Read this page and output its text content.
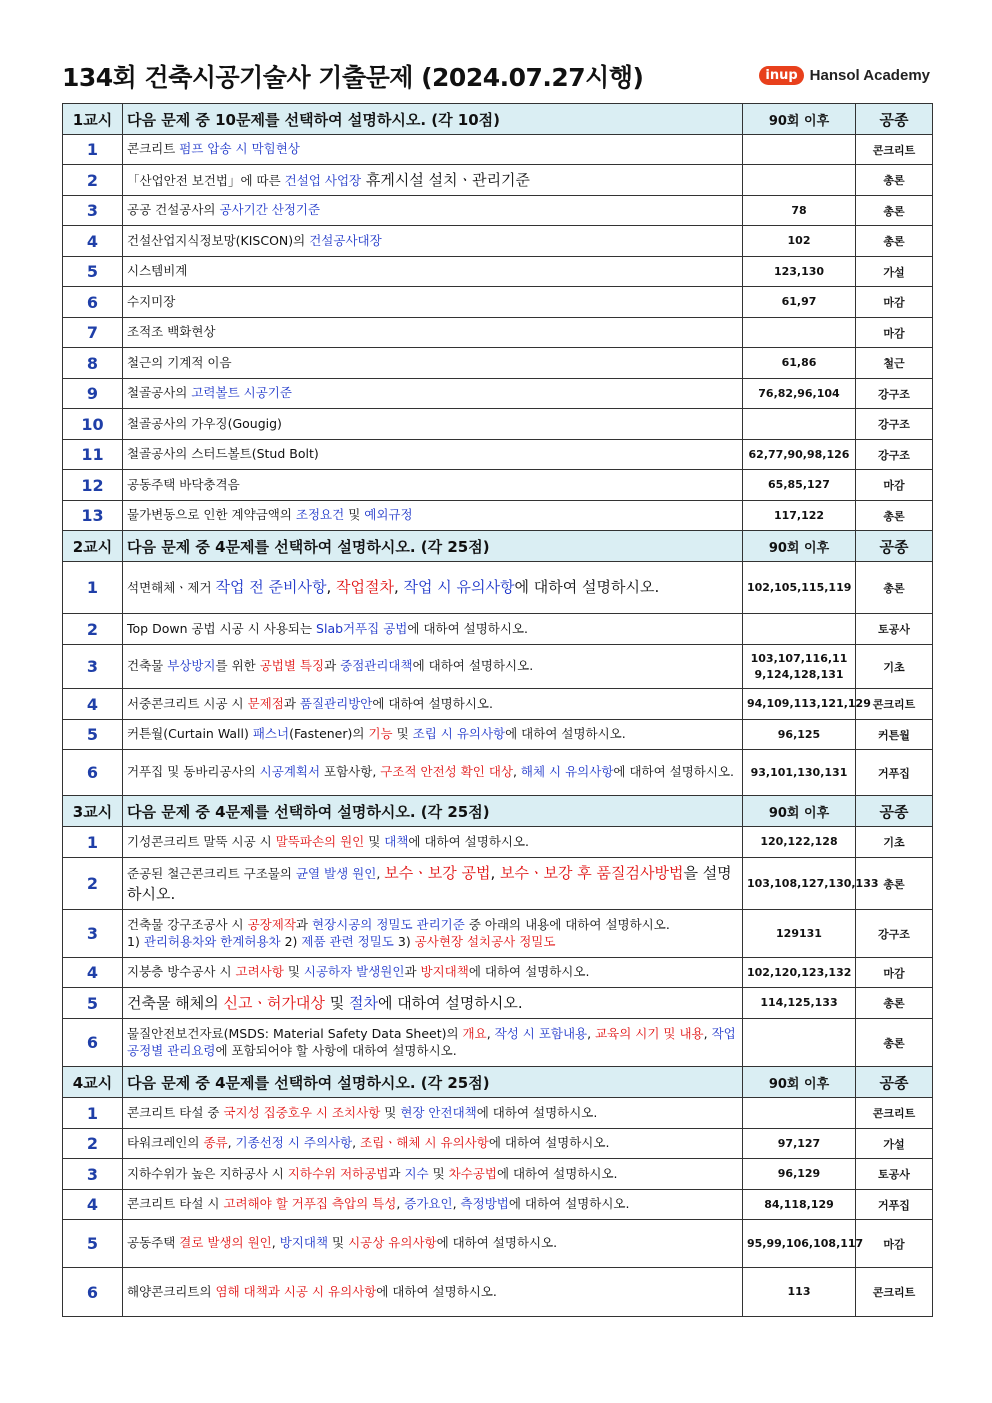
134회 건축시공기술사 기출문제 (2024.07.27시행)	inup Hansol Academy
1교시	다음 문제 중 10문제를 선택하여 설명하시오. (각 10점)	90회 이후	공종
1	콘크리트 펌프 압송 시 막힘현상		콘크리트
2	「산업안전 보건법」에 따른 건설업 사업장 휴게시설 설치ㆍ관리기준		총론
3	공공 건설공사의 공사기간 산정기준	78	총론
4	건설산업지식정보망(KISCON)의 건설공사대장	102	총론
5	시스템비계	123,130	가설
6	수지미장	61,97	마감
7	조적조 백화현상		마감
8	철근의 기계적 이음	61,86	철근
9	철골공사의 고력볼트 시공기준	76,82,96,104	강구조
10	철골공사의 가우징(Gougig)		강구조
11	철골공사의 스터드볼트(Stud Bolt)	62,77,90,98,126	강구조
12	공동주택 바닥충격음	65,85,127	마감
13	물가변동으로 인한 계약금액의 조정요건 및 예외규정	117,122	총론
2교시	다음 문제 중 4문제를 선택하여 설명하시오. (각 25점)	90회 이후	공종
1	석면해체ㆍ제거 작업 전 준비사항, 작업절차, 작업 시 유의사항에 대하여 설명하시오.	102,105,115,119	총론
2	Top Down 공법 시공 시 사용되는 Slab거푸집 공법에 대하여 설명하시오.		토공사
3	건축물 부상방지를 위한 공법별 특징과 중점관리대책에 대하여 설명하시오.	103,107,116,119,124,128,131	기초
4	서중콘크리트 시공 시 문제점과 품질관리방안에 대하여 설명하시오.	94,109,113,121,129	콘크리트
5	커튼월(Curtain Wall) 패스너(Fastener)의 기능 및 조립 시 유의사항에 대하여 설명하시오.	96,125	커튼월
6	거푸집 및 동바리공사의 시공계획서 포함사항, 구조적 안전성 확인 대상, 해체 시 유의사항에 대하여 설명하시오.	93,101,130,131	거푸집
3교시	다음 문제 중 4문제를 선택하여 설명하시오. (각 25점)	90회 이후	공종
1	기성콘크리트 말뚝 시공 시 말뚝파손의 원인 및 대책에 대하여 설명하시오.	120,122,128	기초
2	준공된 철근콘크리트 구조물의 균열 발생 원인, 보수ㆍ보강 공법, 보수ㆍ보강 후 품질검사방법을 설명하시오.	103,108,127,130,133	총론
3	건축물 강구조공사 시 공장제작과 현장시공의 정밀도 관리기준 중 아래의 내용에 대하여 설명하시오.
1) 관리허용차와 한계허용차 2) 제품 관련 정밀도 3) 공사현장 설치공사 정밀도	129131	강구조
4	지붕층 방수공사 시 고려사항 및 시공하자 발생원인과 방지대책에 대하여 설명하시오.	102,120,123,132	마감
5	건축물 해체의 신고ㆍ허가대상 및 절차에 대하여 설명하시오.	114,125,133	총론
6	물질안전보건자료(MSDS: Material Safety Data Sheet)의 개요, 작성 시 포함내용, 교육의 시기 및 내용, 작업공정별 관리요령에 포함되어야 할 사항에 대하여 설명하시오.		총론
4교시	다음 문제 중 4문제를 선택하여 설명하시오. (각 25점)	90회 이후	공종
1	콘크리트 타설 중 국지성 집중호우 시 조치사항 및 현장 안전대책에 대하여 설명하시오.		콘크리트
2	타워크레인의 종류, 기종선정 시 주의사항, 조립ㆍ해체 시 유의사항에 대하여 설명하시오.	97,127	가설
3	지하수위가 높은 지하공사 시 지하수위 저하공법과 지수 및 차수공법에 대하여 설명하시오.	96,129	토공사
4	콘크리트 타설 시 고려해야 할 거푸집 측압의 특성, 증가요인, 측정방법에 대하여 설명하시오.	84,118,129	거푸집
5	공동주택 결로 발생의 원인, 방지대책 및 시공상 유의사항에 대하여 설명하시오.	95,99,106,108,117	마감
6	해양콘크리트의 염해 대책과 시공 시 유의사항에 대하여 설명하시오.	113	콘크리트
